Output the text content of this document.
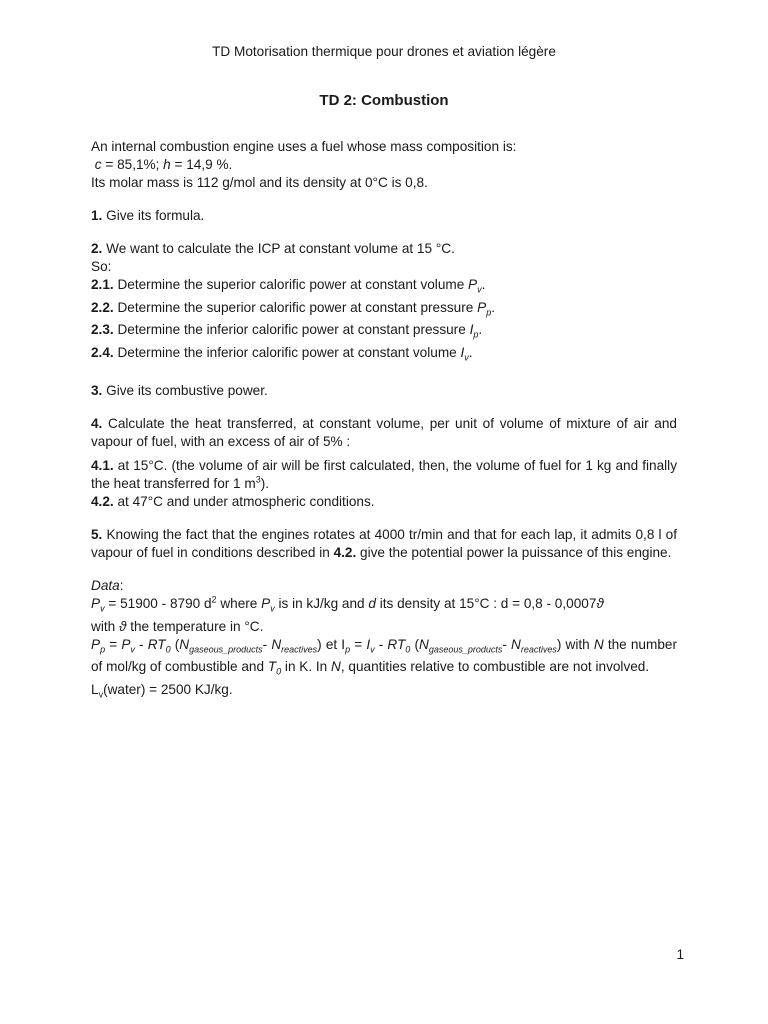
TD Motorisation thermique pour drones et aviation légère
TD 2: Combustion

An internal combustion engine uses a fuel whose mass composition is:

c = 85,1%; h = 14,9 %.

Its molar mass is 112 g/mol and its density at 0°C is 0,8.

1. Give its formula.

2. We want to calculate the ICP at constant volume at 15 °C.

So:

2.1. Determine the superior calorific power at constant volume $P_v$.

2.2. Determine the superior calorific power at constant pressure $P_p$.

2.3. Determine the inferior calorific power at constant pressure $I_p$.

2.4. Determine the inferior calorific power at constant volume $I_v$.

3. Give its combustive power.

4. Calculate the heat transferred, at constant volume, per unit of volume of mixture of air and vapour of fuel, with an excess of air of 5% :

4.1. at 15°C. (the volume of air will be first calculated, then, the volume of fuel for 1 kg and finally the heat transferred for 1 $m^3$).

4.2. at 47°C and under atmospheric conditions.

5. Knowing the fact that the engines rotates at 4000 tr/min and that for each lap, it admits 0,8 l of vapour of fuel in conditions described in 4.2. give the potential power la puissance of this engine.

Data:

$P_v = 51900 - 8790$ $d^2$ where $P_v$ is in kJ/kg and d its density at 15°C : d = 0,8 - 0,0007ϑ

with ϑ the temperature in °C.

$P_p = P_v - RT_0$ ($N_{gaseous\_products}-$ $N_{reactives}$) et $I_p = I_v - RT_0$ ($N_{gaseous\_products}-$ $N_{reactives}$) with N the number of mol/kg of combustible and $T_0$ in K. In N, quantities relative to combustible are not involved.

$L_v(water) = 2500$ KJ/kg.

1
